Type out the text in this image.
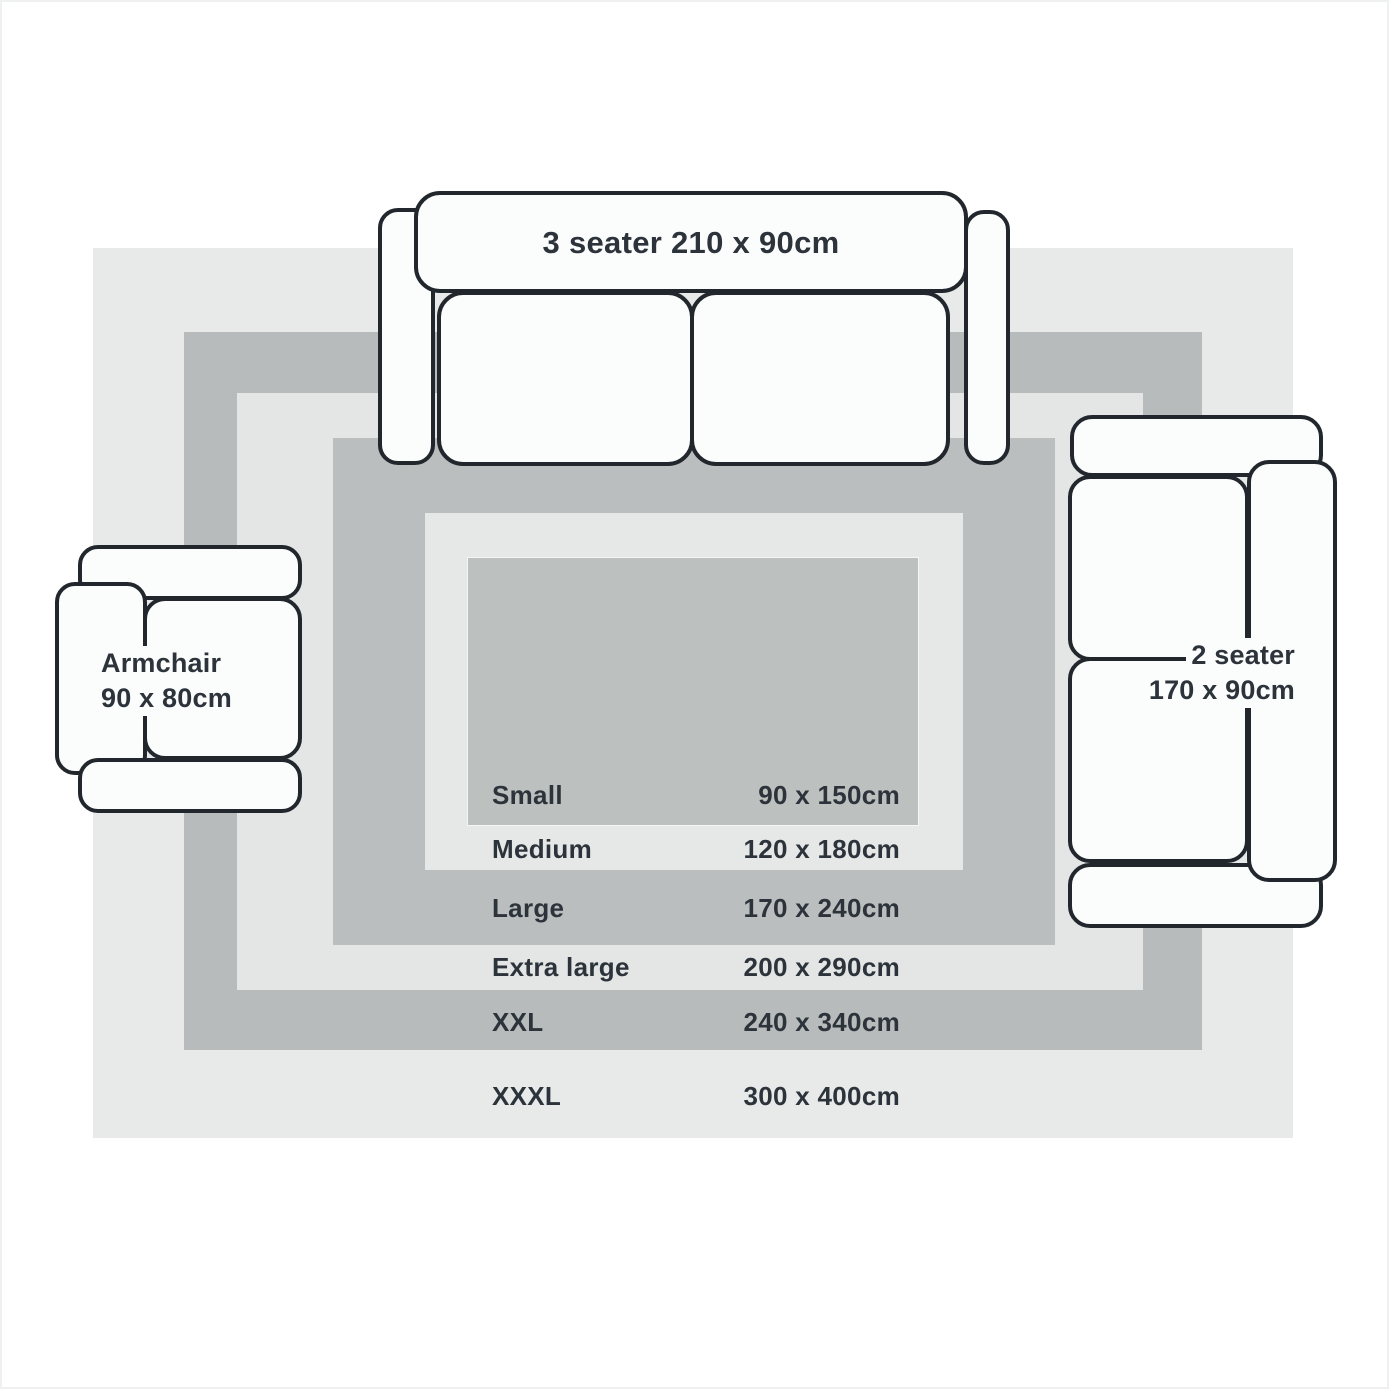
Small	90 x 150cm
Medium	120 x 180cm
Large	170 x 240cm
Extra large	200 x 290cm
XXL	240 x 340cm
XXXL	300 x 400cm
3 seater 210 x 90cm
Armchair
90 x 80cm
2 seater
170 x 90cm
